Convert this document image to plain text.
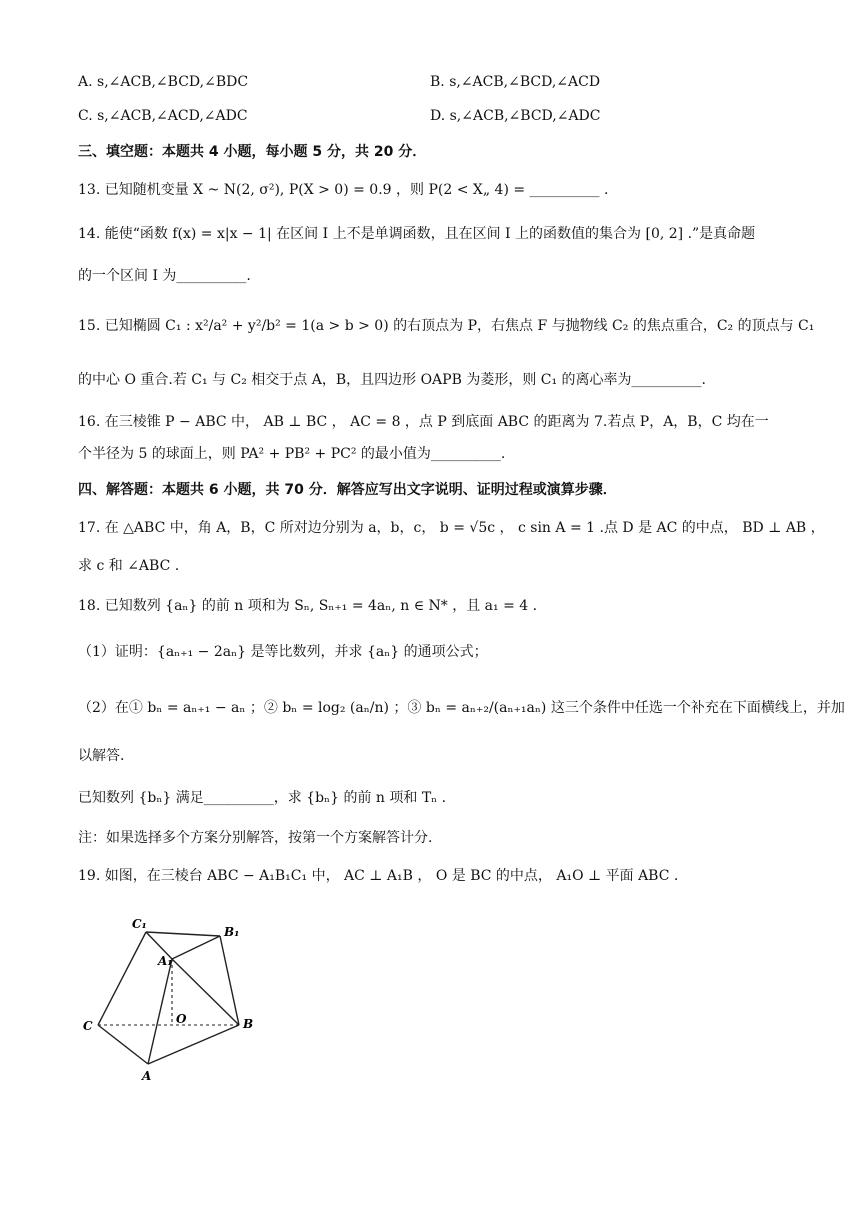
A. s,∠ACB,∠BCD,∠BDC	B. s,∠ACB,∠BCD,∠ACD
C. s,∠ACB,∠ACD,∠ADC	D. s,∠ACB,∠BCD,∠ADC
三、填空题：本题共 4 小题，每小题 5 分，共 20 分．
13. 已知随机变量 X ~ N(2, σ²), P(X > 0) = 0.9 ，则 P(2 < X„ 4) = __________ .
14. 能使“函数 f(x) = x|x − 1| 在区间 I 上不是单调函数，且在区间 I 上的函数值的集合为 [0, 2] .”是真命题
的一个区间 I 为__________.
15. 已知椭圆 C₁ : x²/a² + y²/b² = 1(a > b > 0) 的右顶点为 P，右焦点 F 与抛物线 C₂ 的焦点重合，C₂ 的顶点与 C₁
的中心 O 重合.若 C₁ 与 C₂ 相交于点 A，B，且四边形 OAPB 为菱形，则 C₁ 的离心率为__________.
16. 在三棱锥 P − ABC 中， AB ⊥ BC ， AC = 8 ，点 P 到底面 ABC 的距离为 7.若点 P，A，B，C 均在一
个半径为 5 的球面上，则 PA² + PB² + PC² 的最小值为__________.
四、解答题：本题共 6 小题，共 70 分．解答应写出文字说明、证明过程或演算步骤．
17. 在 △ABC 中，角 A，B，C 所对边分别为 a，b，c， b = √5c ， c sin A = 1 .点 D 是 AC 的中点， BD ⊥ AB ，
求 c 和 ∠ABC .
18. 已知数列 {aₙ} 的前 n 项和为 Sₙ, Sₙ₊₁ = 4aₙ, n ∈ N* ，且 a₁ = 4 .
（1）证明：{aₙ₊₁ − 2aₙ} 是等比数列，并求 {aₙ} 的通项公式；
（2）在① bₙ = aₙ₊₁ − aₙ ；② bₙ = log₂ (aₙ/n) ；③ bₙ = aₙ₊₂/(aₙ₊₁aₙ) 这三个条件中任选一个补充在下面横线上，并加
以解答.
已知数列 {bₙ} 满足__________，求 {bₙ} 的前 n 项和 Tₙ .
注：如果选择多个方案分别解答，按第一个方案解答计分.
19. 如图，在三棱台 ABC − A₁B₁C₁ 中， AC ⊥ A₁B ， O 是 BC 的中点， A₁O ⊥ 平面 ABC .
C₁
B₁
A₁
C	O	B
A
